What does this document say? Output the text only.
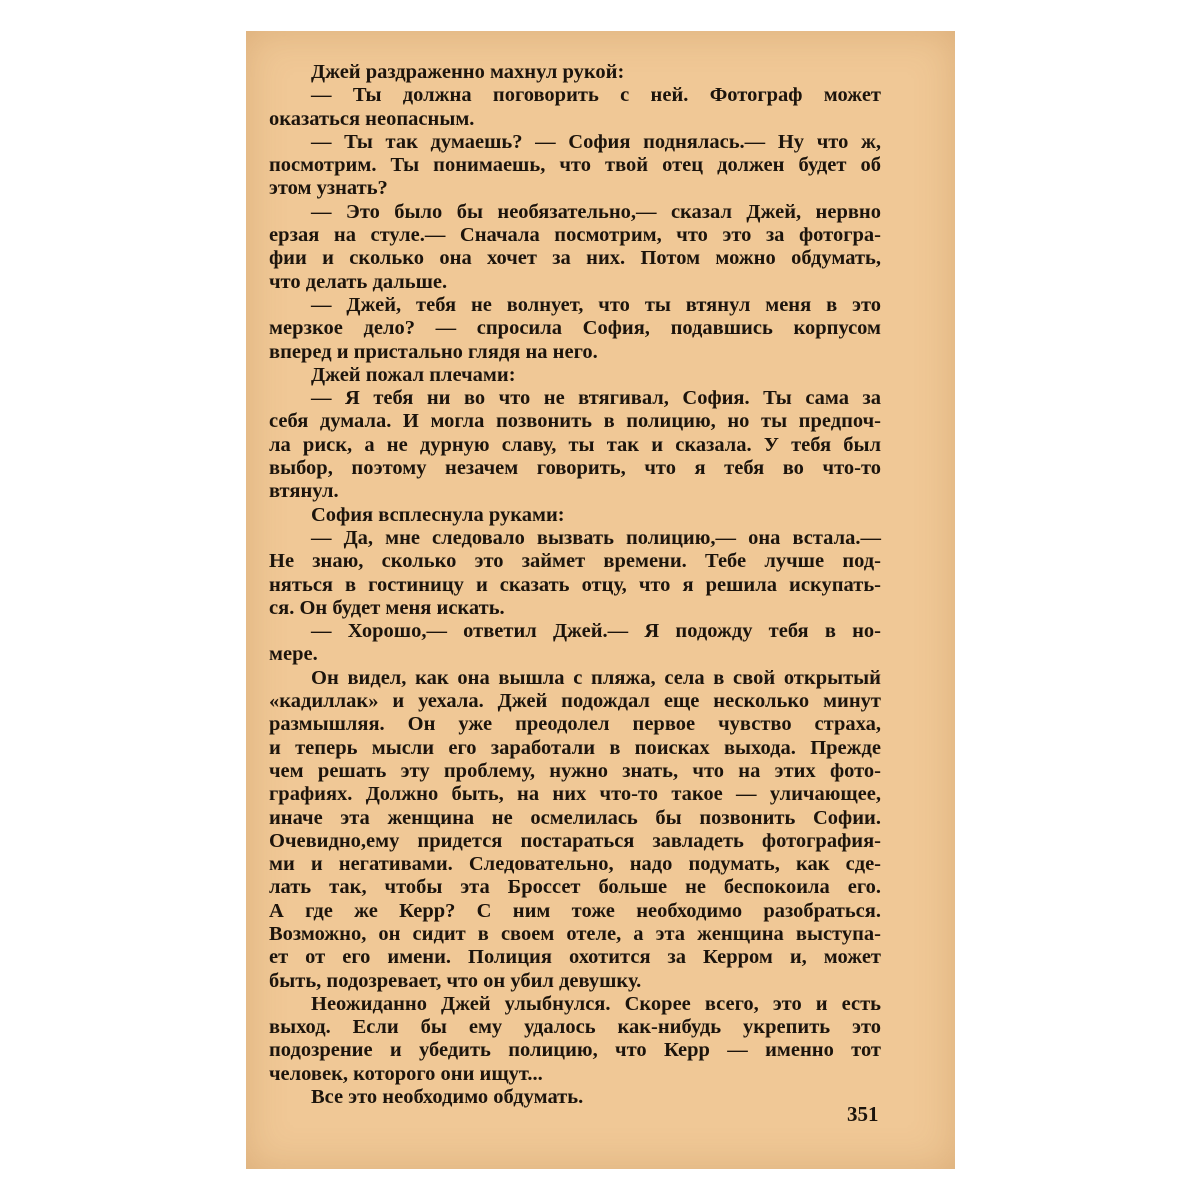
Джей раздраженно махнул рукой:
— Ты должна поговорить с ней. Фотограф может
оказаться неопасным.
— Ты так думаешь? — София поднялась.— Ну что ж,
посмотрим. Ты понимаешь, что твой отец должен будет об
этом узнать?
— Это было бы необязательно,— сказал Джей, нервно
ерзая на стуле.— Сначала посмотрим, что это за фотогра-
фии и сколько она хочет за них. Потом можно обдумать,
что делать дальше.
— Джей, тебя не волнует, что ты втянул меня в это
мерзкое дело? — спросила София, подавшись корпусом
вперед и пристально глядя на него.
Джей пожал плечами:
— Я тебя ни во что не втягивал, София. Ты сама за
себя думала. И могла позвонить в полицию, но ты предпоч-
ла риск, а не дурную славу, ты так и сказала. У тебя был
выбор, поэтому незачем говорить, что я тебя во что-то
втянул.
София всплеснула руками:
— Да, мне следовало вызвать полицию,— она встала.—
Не знаю, сколько это займет времени. Тебе лучше под-
няться в гостиницу и сказать отцу, что я решила искупать-
ся. Он будет меня искать.
— Хорошо,— ответил Джей.— Я подожду тебя в но-
мере.
Он видел, как она вышла с пляжа, села в свой открытый
«кадиллак» и уехала. Джей подождал еще несколько минут
размышляя. Он уже преодолел первое чувство страха,
и теперь мысли его заработали в поисках выхода. Прежде
чем решать эту проблему, нужно знать, что на этих фото-
графиях. Должно быть, на них что-то такое — уличающее,
иначе эта женщина не осмелилась бы позвонить Софии.
Очевидно,ему придется постараться завладеть фотография-
ми и негативами. Следовательно, надо подумать, как сде-
лать так, чтобы эта Броссет больше не беспокоила его.
А где же Керр? С ним тоже необходимо разобраться.
Возможно, он сидит в своем отеле, а эта женщина выступа-
ет от его имени. Полиция охотится за Керром и, может
быть, подозревает, что он убил девушку.
Неожиданно Джей улыбнулся. Скорее всего, это и есть
выход. Если бы ему удалось как-нибудь укрепить это
подозрение и убедить полицию, что Керр — именно тот
человек, которого они ищут...
Все это необходимо обдумать.
351
